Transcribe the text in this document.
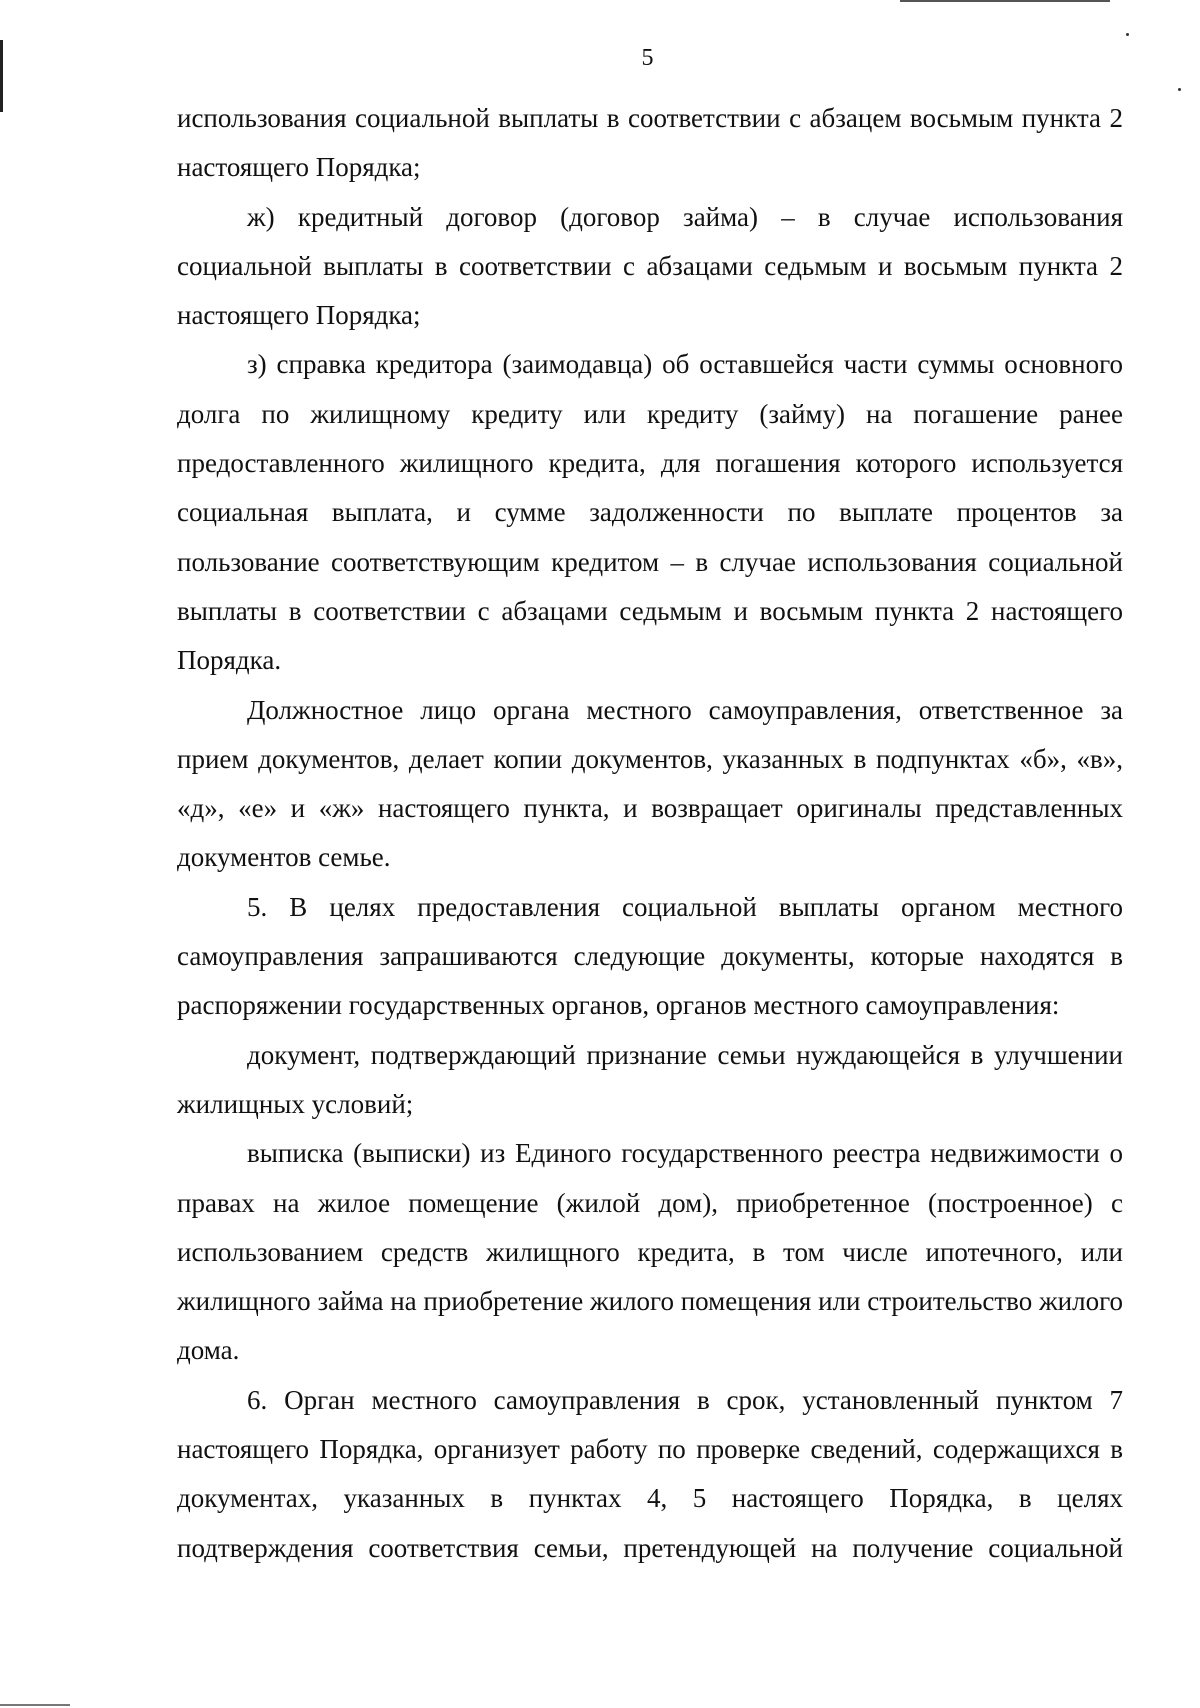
5

использования социальной выплаты в соответствии с абзацем восьмым пункта 2 настоящего Порядка;

ж) кредитный договор (договор займа) – в случае использования социальной выплаты в соответствии с абзацами седьмым и восьмым пункта 2 настоящего Порядка;

з) справка кредитора (заимодавца) об оставшейся части суммы основного долга по жилищному кредиту или кредиту (займу) на погашение ранее предоставленного жилищного кредита, для погашения которого используется социальная выплата, и сумме задолженности по выплате процентов за пользование соответствующим кредитом – в случае использования социальной выплаты в соответствии с абзацами седьмым и восьмым пункта 2 настоящего Порядка.

Должностное лицо органа местного самоуправления, ответственное за прием документов, делает копии документов, указанных в подпунктах «б», «в», «д», «е» и «ж» настоящего пункта, и возвращает оригиналы представленных документов семье.

5. В целях предоставления социальной выплаты органом местного самоуправления запрашиваются следующие документы, которые находятся в распоряжении государственных органов, органов местного самоуправления:

документ, подтверждающий признание семьи нуждающейся в улучшении жилищных условий;

выписка (выписки) из Единого государственного реестра недвижимости о правах на жилое помещение (жилой дом), приобретенное (построенное) с использованием средств жилищного кредита, в том числе ипотечного, или жилищного займа на приобретение жилого помещения или строительство жилого дома.

6. Орган местного самоуправления в срок, установленный пунктом 7 настоящего Порядка, организует работу по проверке сведений, содержащихся в документах, указанных в пунктах 4, 5 настоящего Порядка, в целях подтверждения соответствия семьи, претендующей на получение социальной
